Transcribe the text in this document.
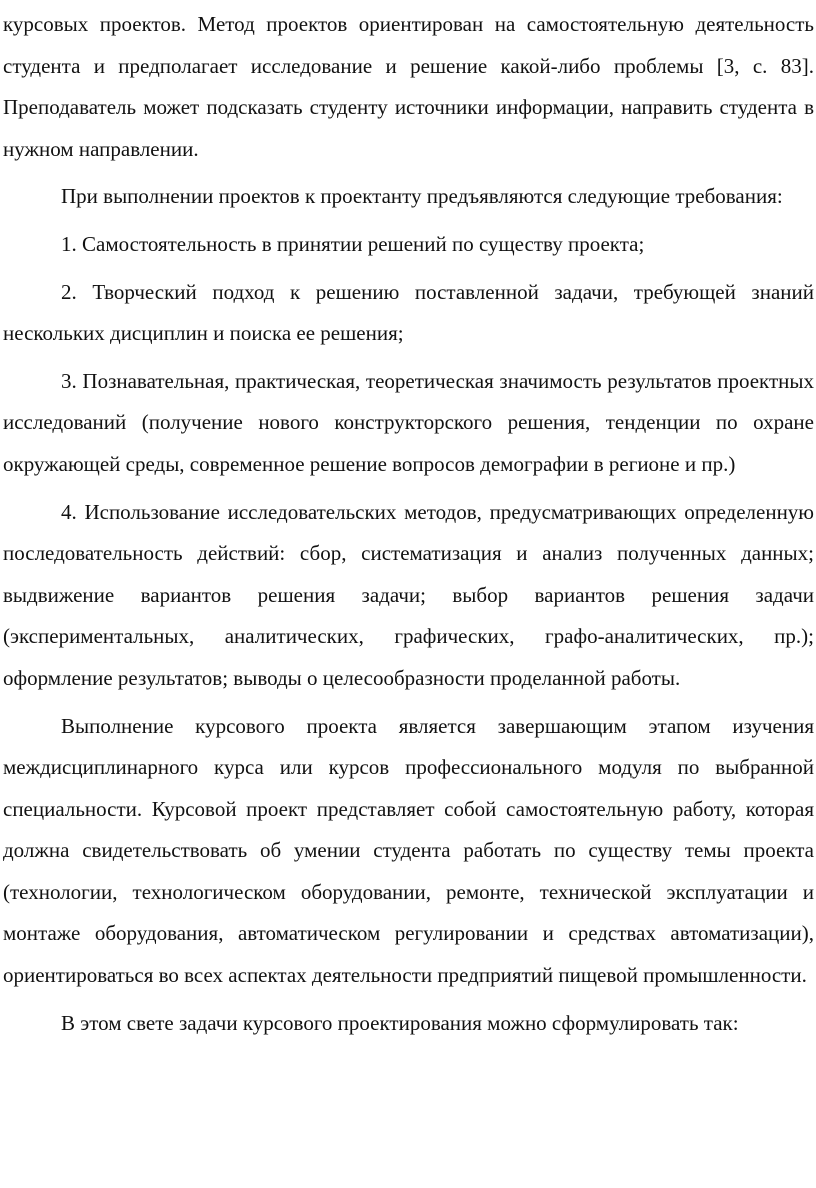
курсовых проектов. Метод проектов ориентирован на самостоятельную деятельность студента и предполагает исследование и решение какой-либо проблемы [3, с. 83]. Преподаватель может подсказать студенту источники информации, направить студента в нужном направлении.

При выполнении проектов к проектанту предъявляются следующие требования:

1. Самостоятельность в принятии решений по существу проекта;

2. Творческий подход к решению поставленной задачи, требующей знаний нескольких дисциплин и поиска ее решения;

3. Познавательная, практическая, теоретическая значимость результатов проектных исследований (получение нового конструкторского решения, тенденции по охране окружающей среды, современное решение вопросов демографии в регионе и пр.)

4. Использование исследовательских методов, предусматривающих определенную последовательность действий: сбор, систематизация и анализ полученных данных; выдвижение вариантов решения задачи; выбор вариантов решения задачи (экспериментальных, аналитических, графических, графо-аналитических, пр.); оформление результатов; выводы о целесообразности проделанной работы.

Выполнение курсового проекта является завершающим этапом изучения междисциплинарного курса или курсов профессионального модуля по выбранной специальности. Курсовой проект представляет собой самостоятельную работу, которая должна свидетельствовать об умении студента работать по существу темы проекта (технологии, технологическом оборудовании, ремонте, технической эксплуатации и монтаже оборудования, автоматическом регулировании и средствах автоматизации), ориентироваться во всех аспектах деятельности предприятий пищевой промышленности.

В этом свете задачи курсового проектирования можно сформулировать так:
